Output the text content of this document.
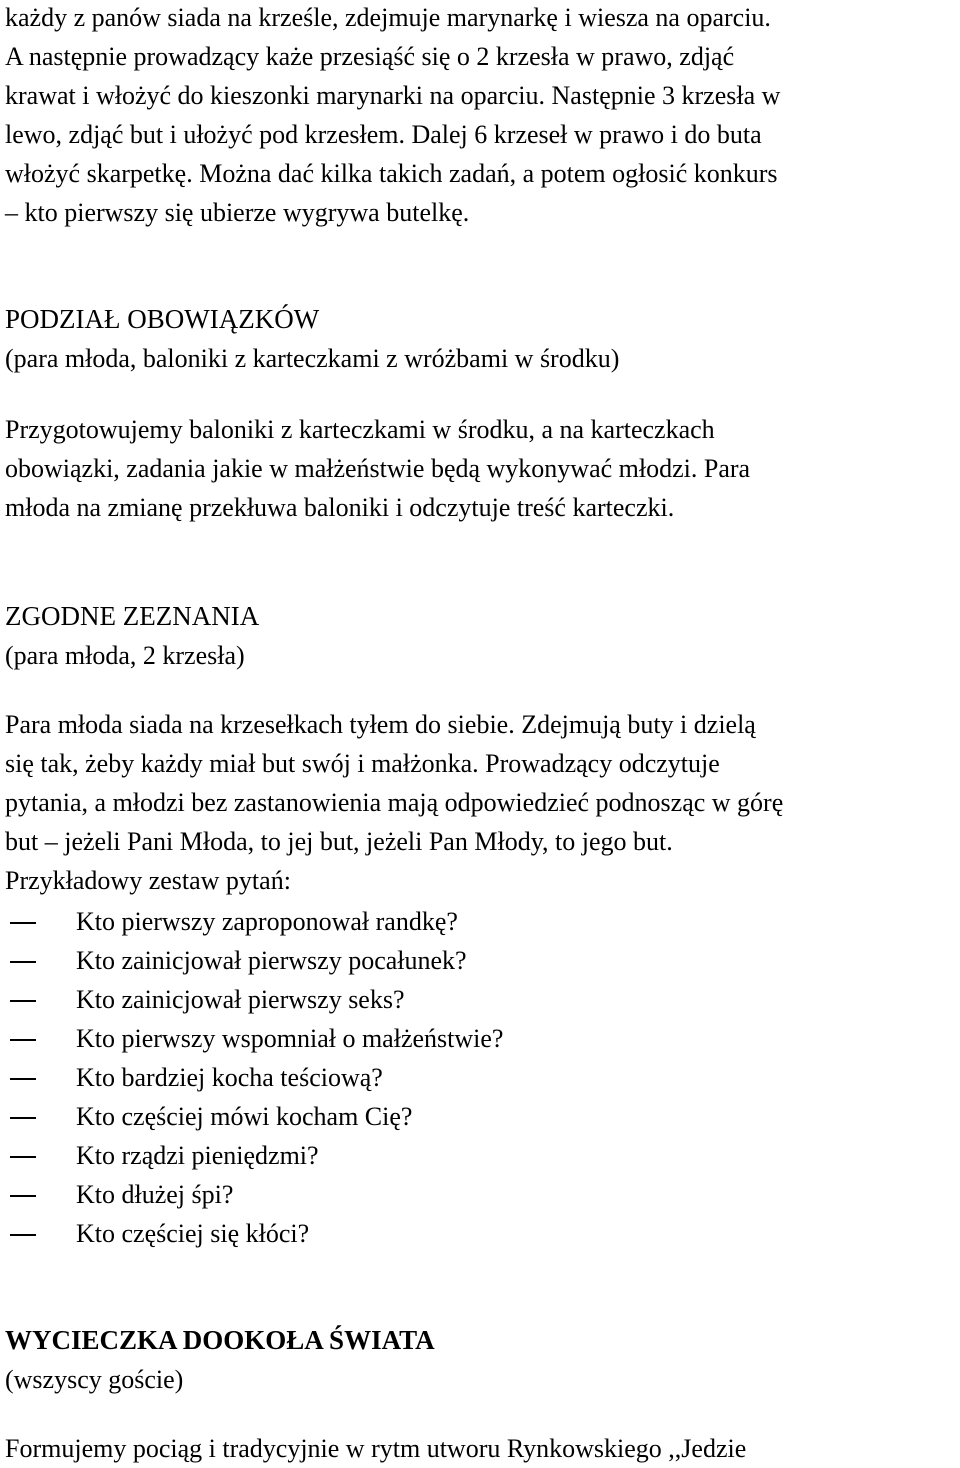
każdy z panów siada na krześle, zdejmuje marynarkę i wiesza na oparciu.
A następnie prowadzący każe przesiąść się o 2 krzesła w prawo, zdjąć
krawat i włożyć do kieszonki marynarki na oparciu. Następnie 3 krzesła w
lewo, zdjąć but i ułożyć pod krzesłem. Dalej 6 krzeseł w prawo i do buta
włożyć skarpetkę. Można dać kilka takich zadań, a potem ogłosić konkurs
– kto pierwszy się ubierze wygrywa butelkę.
PODZIAŁ OBOWIĄZKÓW
(para młoda, baloniki z karteczkami z wróżbami w środku)
Przygotowujemy baloniki z karteczkami w środku, a na karteczkach
obowiązki, zadania jakie w małżeństwie będą wykonywać młodzi. Para
młoda na zmianę przekłuwa baloniki i odczytuje treść karteczki.
ZGODNE ZEZNANIA
(para młoda, 2 krzesła)
Para młoda siada na krzesełkach tyłem do siebie. Zdejmują buty i dzielą
się tak, żeby każdy miał but swój i małżonka. Prowadzący odczytuje
pytania, a młodzi bez zastanowienia mają odpowiedzieć podnosząc w górę
but – jeżeli Pani Młoda, to jej but, jeżeli Pan Młody, to jego but.
Przykładowy zestaw pytań:
Kto pierwszy zaproponował randkę?
Kto zainicjował pierwszy pocałunek?
Kto zainicjował pierwszy seks?
Kto pierwszy wspomniał o małżeństwie?
Kto bardziej kocha teściową?
Kto częściej mówi kocham Cię?
Kto rządzi pieniędzmi?
Kto dłużej śpi?
Kto częściej się kłóci?
WYCIECZKA DOOKOŁA ŚWIATA
(wszyscy goście)
Formujemy pociąg i tradycyjnie w rytm utworu Rynkowskiego ,,Jedzie
